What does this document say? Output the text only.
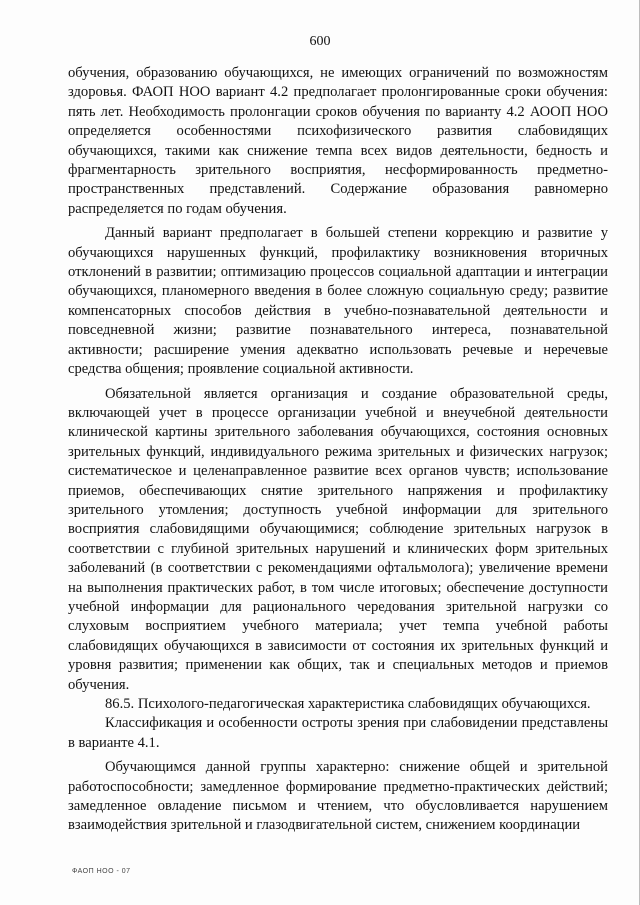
600

обучения, образованию обучающихся, не имеющих ограничений по возможностям здоровья. ФАОП НОО вариант 4.2 предполагает пролонгированные сроки обучения: пять лет. Необходимость пролонгации сроков обучения по варианту 4.2 АООП НОО определяется особенностями психофизического развития слабовидящих обучающихся, такими как снижение темпа всех видов деятельности, бедность и фрагментарность зрительного восприятия, несформированность предметно-пространственных представлений. Содержание образования равномерно распределяется по годам обучения.

Данный вариант предполагает в большей степени коррекцию и развитие у обучающихся нарушенных функций, профилактику возникновения вторичных отклонений в развитии; оптимизацию процессов социальной адаптации и интеграции обучающихся, планомерного введения в более сложную социальную среду; развитие компенсаторных способов действия в учебно-познавательной деятельности и повседневной жизни; развитие познавательного интереса, познавательной активности; расширение умения адекватно использовать речевые и неречевые средства общения; проявление социальной активности.

Обязательной является организация и создание образовательной среды, включающей учет в процессе организации учебной и внеучебной деятельности клинической картины зрительного заболевания обучающихся, состояния основных зрительных функций, индивидуального режима зрительных и физических нагрузок; систематическое и целенаправленное развитие всех органов чувств; использование приемов, обеспечивающих снятие зрительного напряжения и профилактику зрительного утомления; доступность учебной информации для зрительного восприятия слабовидящими обучающимися; соблюдение зрительных нагрузок в соответствии с глубиной зрительных нарушений и клинических форм зрительных заболеваний (в соответствии с рекомендациями офтальмолога); увеличение времени на выполнения практических работ, в том числе итоговых; обеспечение доступности учебной информации для рационального чередования зрительной нагрузки со слуховым восприятием учебного материала; учет темпа учебной работы слабовидящих обучающихся в зависимости от состояния их зрительных функций и уровня развития; применении как общих, так и специальных методов и приемов обучения.

86.5. Психолого-педагогическая характеристика слабовидящих обучающихся.

Классификация и особенности остроты зрения при слабовидении представлены в варианте 4.1.

Обучающимся данной группы характерно: снижение общей и зрительной работоспособности; замедленное формирование предметно-практических действий; замедленное овладение письмом и чтением, что обусловливается нарушением взаимодействия зрительной и глазодвигательной систем, снижением координации

ФАОП НОО - 07
